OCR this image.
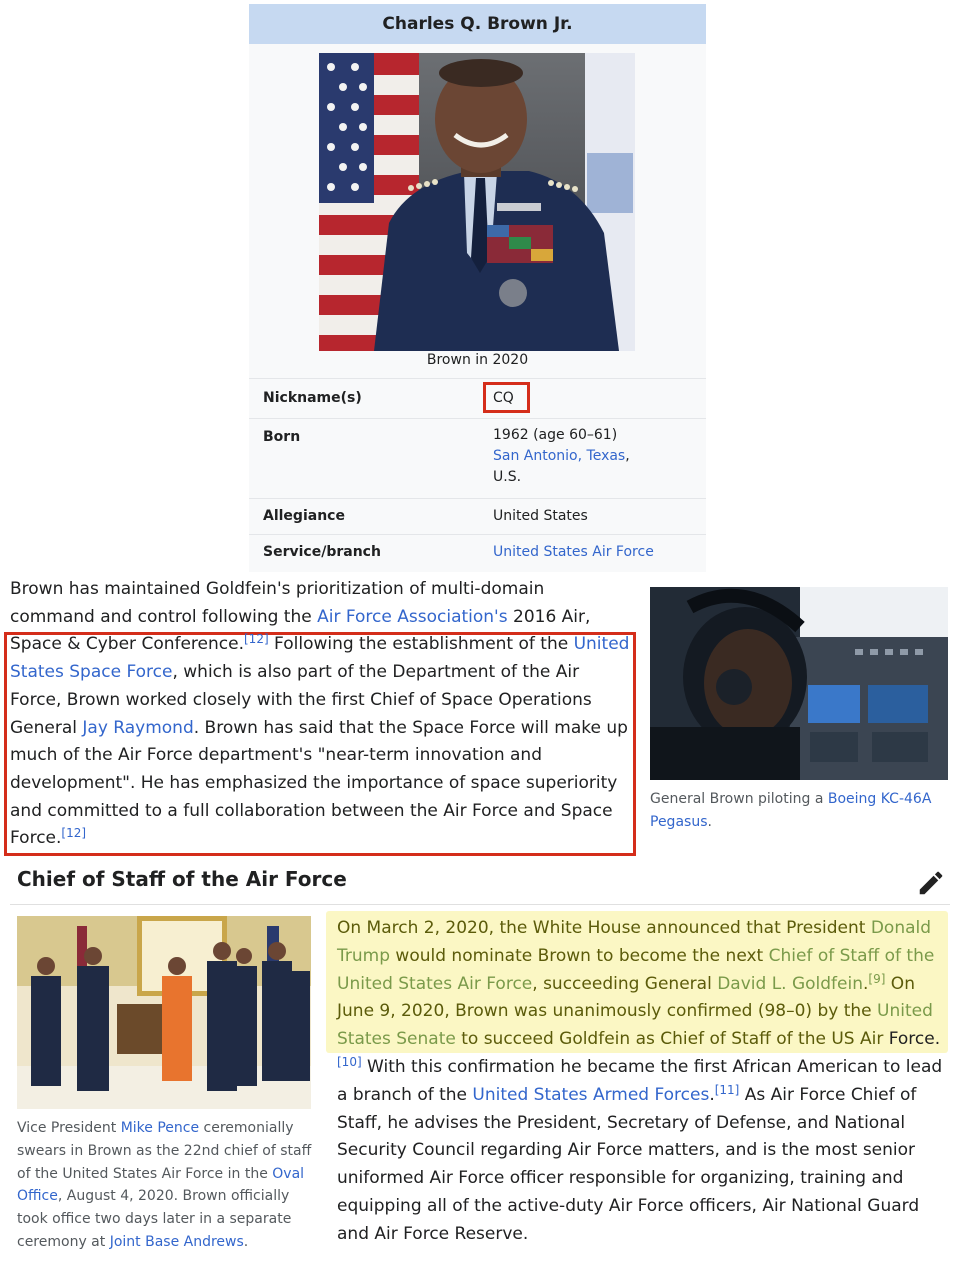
Charles Q. Brown Jr.
Brown in 2020
Nickname(s)	CQ
Born	1962 (age 60–61)
San Antonio, Texas,
U.S.
Allegiance	United States
Service/branch	United States Air Force

Brown has maintained Goldfein's prioritization of multi-domain command and control following the Air Force Association's 2016 Air, Space & Cyber Conference.[12] Following the establishment of the United States Space Force, which is also part of the Department of the Air Force, Brown worked closely with the first Chief of Space Operations General Jay Raymond. Brown has said that the Space Force will make up much of the Air Force department's "near-term innovation and development". He has emphasized the importance of space superiority and committed to a full collaboration between the Air Force and Space Force.[12]

General Brown piloting a Boeing KC-46A Pegasus.

Chief of Staff of the Air Force

Vice President Mike Pence ceremonially swears in Brown as the 22nd chief of staff of the United States Air Force in the Oval Office, August 4, 2020. Brown officially took office two days later in a separate ceremony at Joint Base Andrews.

On March 2, 2020, the White House announced that President Donald Trump would nominate Brown to become the next Chief of Staff of the United States Air Force, succeeding General David L. Goldfein.[9] On June 9, 2020, Brown was unanimously confirmed (98–0) by the United States Senate to succeed Goldfein as Chief of Staff of the US Air Force.[10] With this confirmation he became the first African American to lead a branch of the United States Armed Forces.[11] As Air Force Chief of Staff, he advises the President, Secretary of Defense, and National Security Council regarding Air Force matters, and is the most senior uniformed Air Force officer responsible for organizing, training and equipping all of the active-duty Air Force officers, Air National Guard and Air Force Reserve.
